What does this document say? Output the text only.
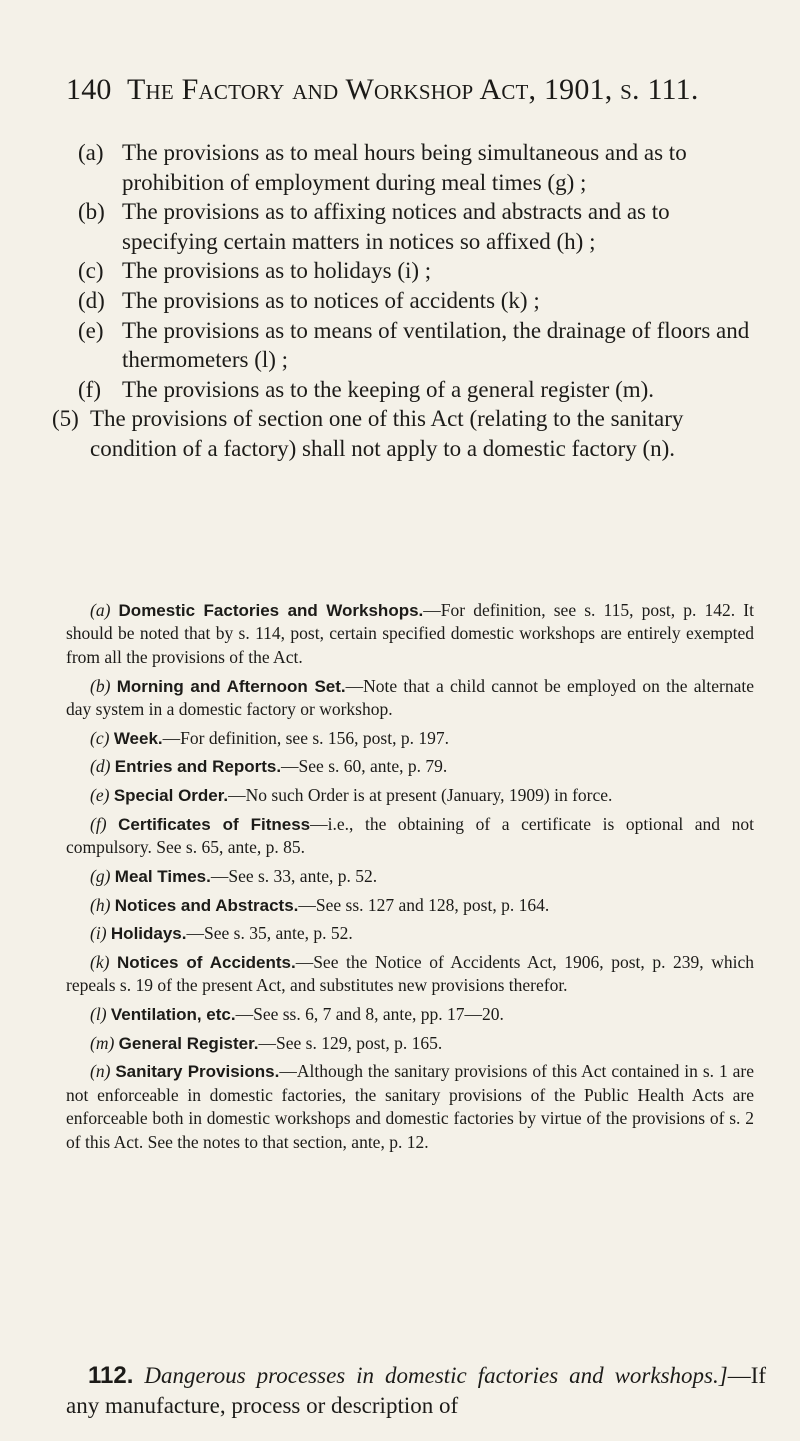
140 The Factory and Workshop Act, 1901, s. 111.
(a) The provisions as to meal hours being simultaneous and as to prohibition of employment during meal times (g) ;
(b) The provisions as to affixing notices and abstracts and as to specifying certain matters in notices so affixed (h) ;
(c) The provisions as to holidays (i) ;
(d) The provisions as to notices of accidents (k) ;
(e) The provisions as to means of ventilation, the drainage of floors and thermometers (l) ;
(f) The provisions as to the keeping of a general register (m).
(5) The provisions of section one of this Act (relating to the sanitary condition of a factory) shall not apply to a domestic factory (n).
(a) Domestic Factories and Workshops.—For definition, see s. 115, post, p. 142. It should be noted that by s. 114, post, certain specified domestic workshops are entirely exempted from all the provisions of the Act.
(b) Morning and Afternoon Set.—Note that a child cannot be employed on the alternate day system in a domestic factory or workshop.
(c) Week.—For definition, see s. 156, post, p. 197.
(d) Entries and Reports.—See s. 60, ante, p. 79.
(e) Special Order.—No such Order is at present (January, 1909) in force.
(f) Certificates of Fitness—i.e., the obtaining of a certificate is optional and not compulsory. See s. 65, ante, p. 85.
(g) Meal Times.—See s. 33, ante, p. 52.
(h) Notices and Abstracts.—See ss. 127 and 128, post, p. 164.
(i) Holidays.—See s. 35, ante, p. 52.
(k) Notices of Accidents.—See the Notice of Accidents Act, 1906, post, p. 239, which repeals s. 19 of the present Act, and substitutes new provisions therefor.
(l) Ventilation, etc.—See ss. 6, 7 and 8, ante, pp. 17—20.
(m) General Register.—See s. 129, post, p. 165.
(n) Sanitary Provisions.—Although the sanitary provisions of this Act contained in s. 1 are not enforceable in domestic factories, the sanitary provisions of the Public Health Acts are enforceable both in domestic workshops and domestic factories by virtue of the provisions of s. 2 of this Act. See the notes to that section, ante, p. 12.
112. Dangerous processes in domestic factories and workshops.]—If any manufacture, process or description of
